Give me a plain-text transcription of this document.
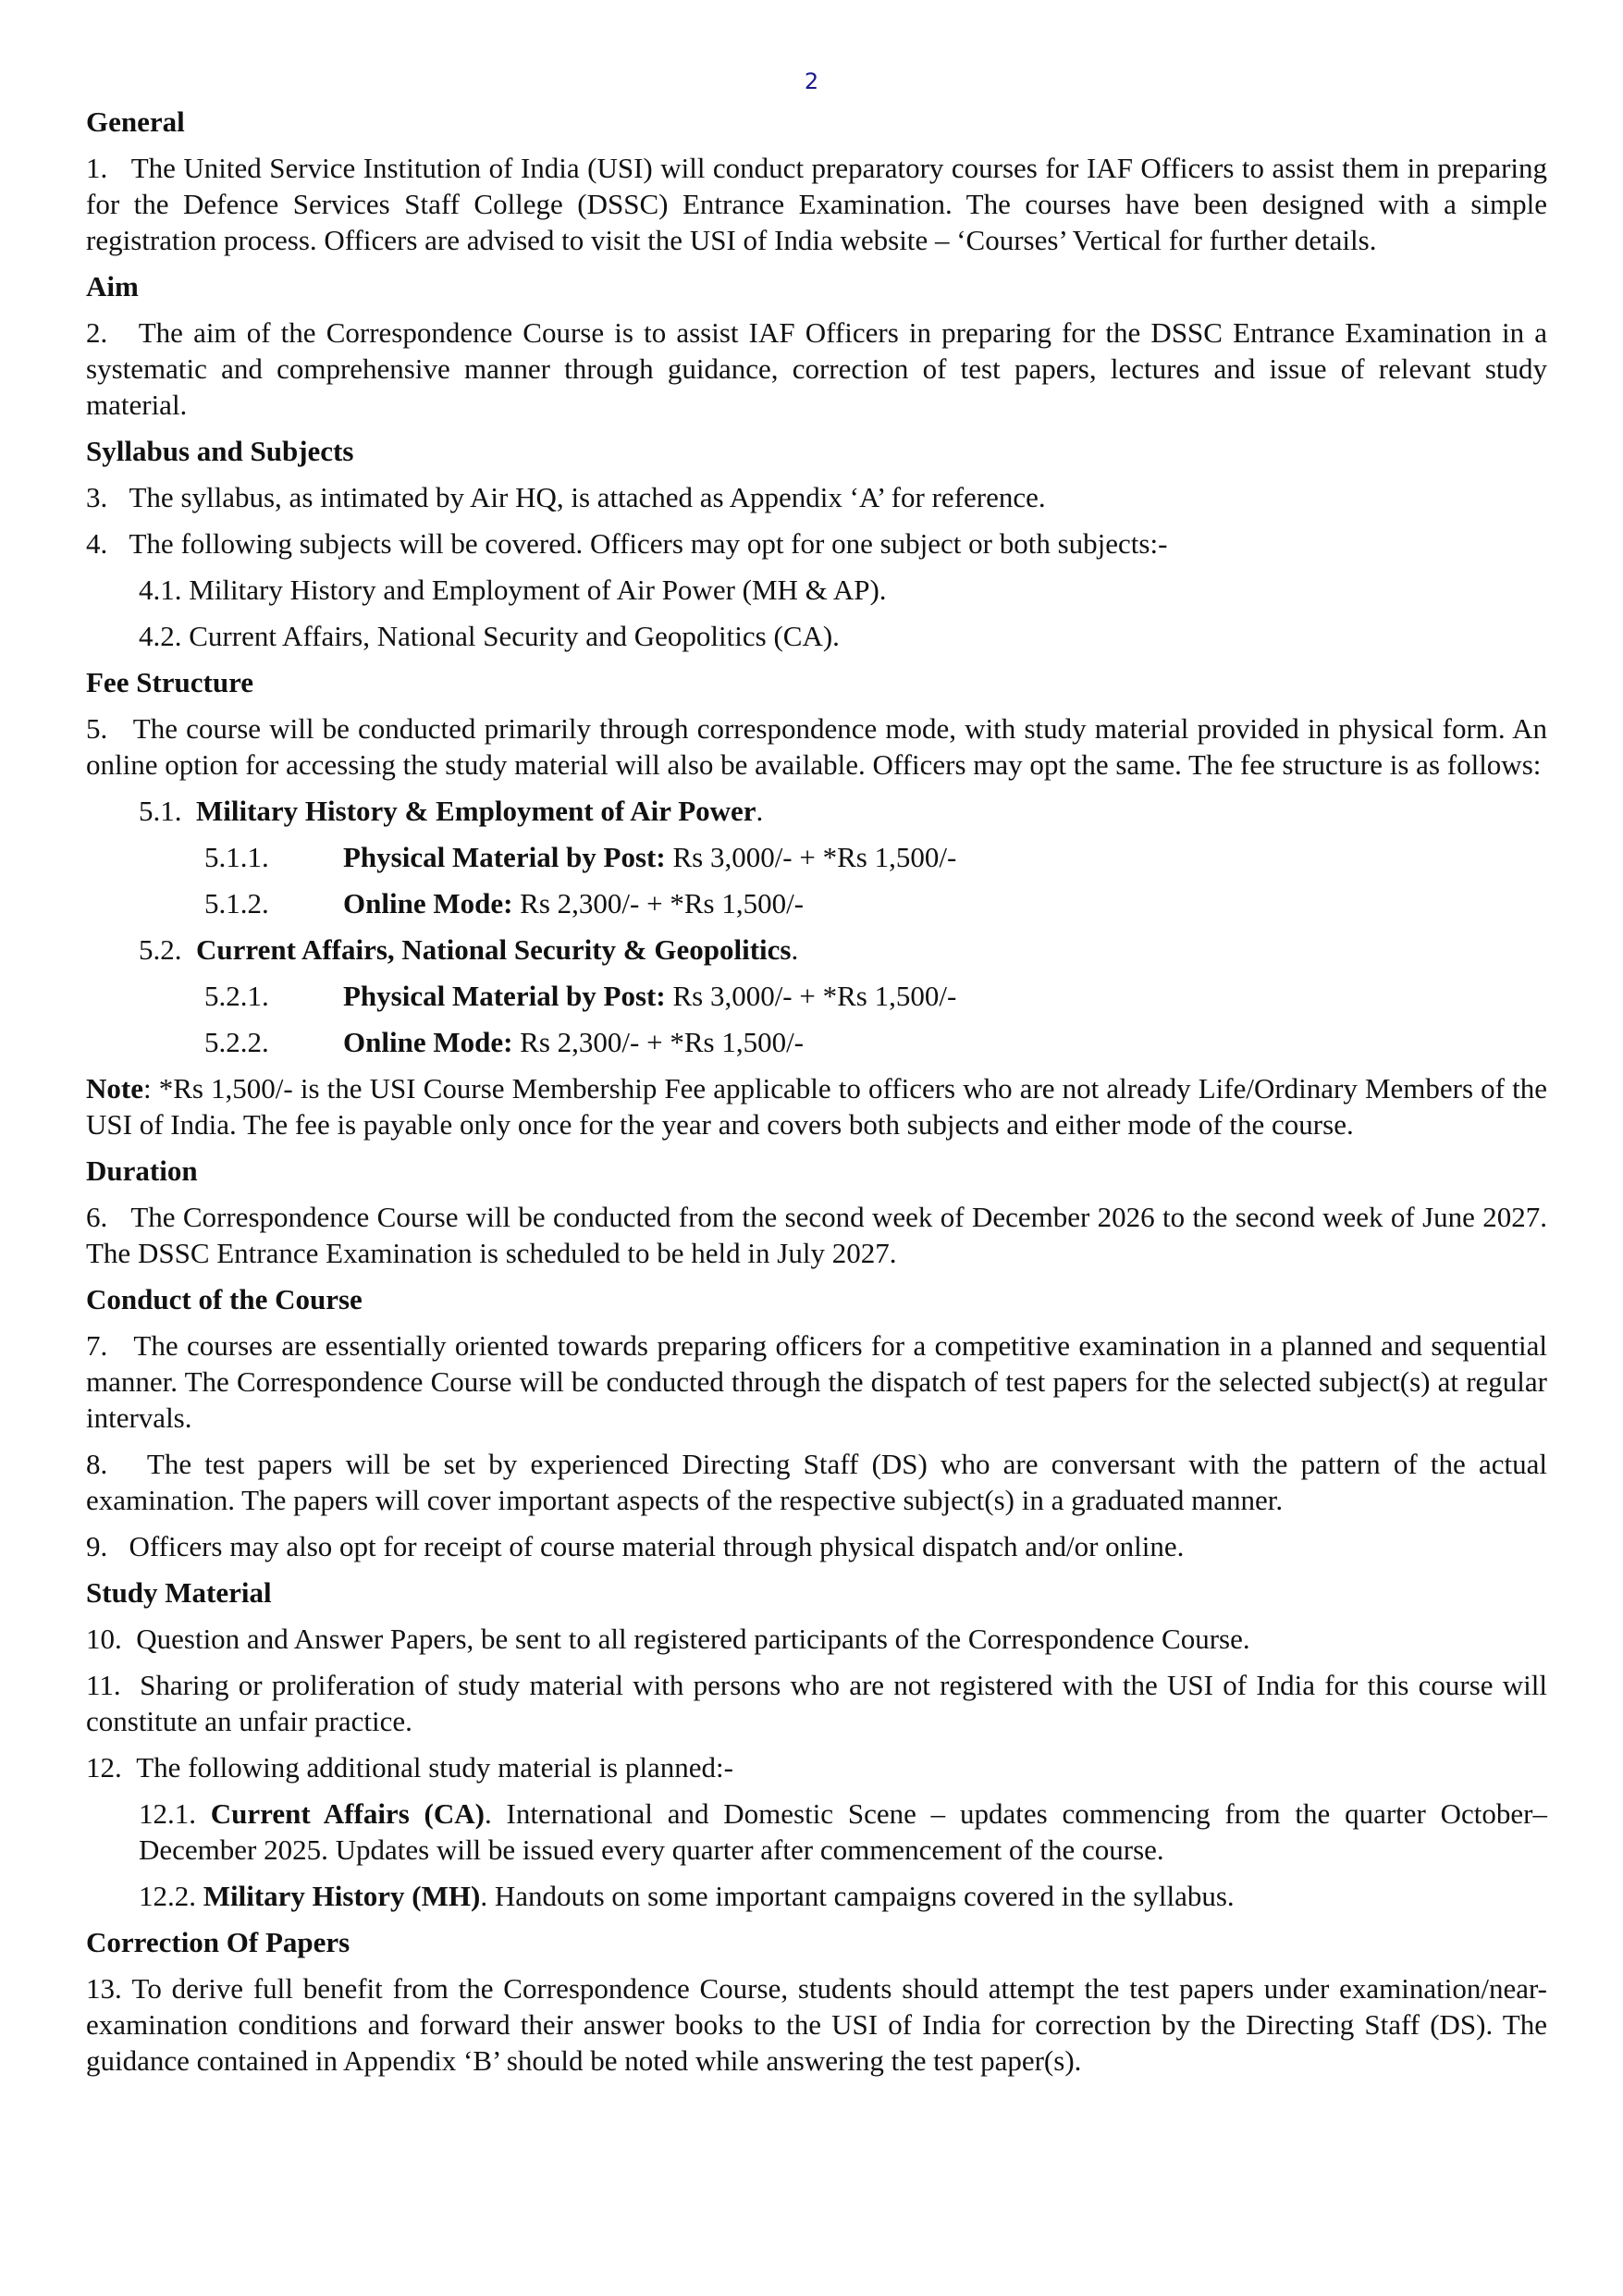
2
General
1. The United Service Institution of India (USI) will conduct preparatory courses for IAF Officers to assist them in preparing for the Defence Services Staff College (DSSC) Entrance Examination. The courses have been designed with a simple registration process. Officers are advised to visit the USI of India website – ‘Courses’ Vertical for further details.
Aim
2. The aim of the Correspondence Course is to assist IAF Officers in preparing for the DSSC Entrance Examination in a systematic and comprehensive manner through guidance, correction of test papers, lectures and issue of relevant study material.
Syllabus and Subjects
3. The syllabus, as intimated by Air HQ, is attached as Appendix ‘A’ for reference.
4. The following subjects will be covered. Officers may opt for one subject or both subjects:-
4.1. Military History and Employment of Air Power (MH & AP).
4.2. Current Affairs, National Security and Geopolitics (CA).
Fee Structure
5. The course will be conducted primarily through correspondence mode, with study material provided in physical form. An online option for accessing the study material will also be available. Officers may opt the same. The fee structure is as follows:
5.1. Military History & Employment of Air Power.
5.1.1.	Physical Material by Post: Rs 3,000/- + *Rs 1,500/-
5.1.2.	Online Mode: Rs 2,300/- + *Rs 1,500/-
5.2. Current Affairs, National Security & Geopolitics.
5.2.1.	Physical Material by Post: Rs 3,000/- + *Rs 1,500/-
5.2.2.	Online Mode: Rs 2,300/- + *Rs 1,500/-
Note: *Rs 1,500/- is the USI Course Membership Fee applicable to officers who are not already Life/Ordinary Members of the USI of India. The fee is payable only once for the year and covers both subjects and either mode of the course.
Duration
6. The Correspondence Course will be conducted from the second week of December 2026 to the second week of June 2027. The DSSC Entrance Examination is scheduled to be held in July 2027.
Conduct of the Course
7. The courses are essentially oriented towards preparing officers for a competitive examination in a planned and sequential manner. The Correspondence Course will be conducted through the dispatch of test papers for the selected subject(s) at regular intervals.
8. The test papers will be set by experienced Directing Staff (DS) who are conversant with the pattern of the actual examination. The papers will cover important aspects of the respective subject(s) in a graduated manner.
9. Officers may also opt for receipt of course material through physical dispatch and/or online.
Study Material
10. Question and Answer Papers, be sent to all registered participants of the Correspondence Course.
11. Sharing or proliferation of study material with persons who are not registered with the USI of India for this course will constitute an unfair practice.
12. The following additional study material is planned:-
12.1. Current Affairs (CA). International and Domestic Scene – updates commencing from the quarter October–December 2025. Updates will be issued every quarter after commencement of the course.
12.2. Military History (MH). Handouts on some important campaigns covered in the syllabus.
Correction Of Papers
13. To derive full benefit from the Correspondence Course, students should attempt the test papers under examination/near-examination conditions and forward their answer books to the USI of India for correction by the Directing Staff (DS). The guidance contained in Appendix ‘B’ should be noted while answering the test paper(s).
